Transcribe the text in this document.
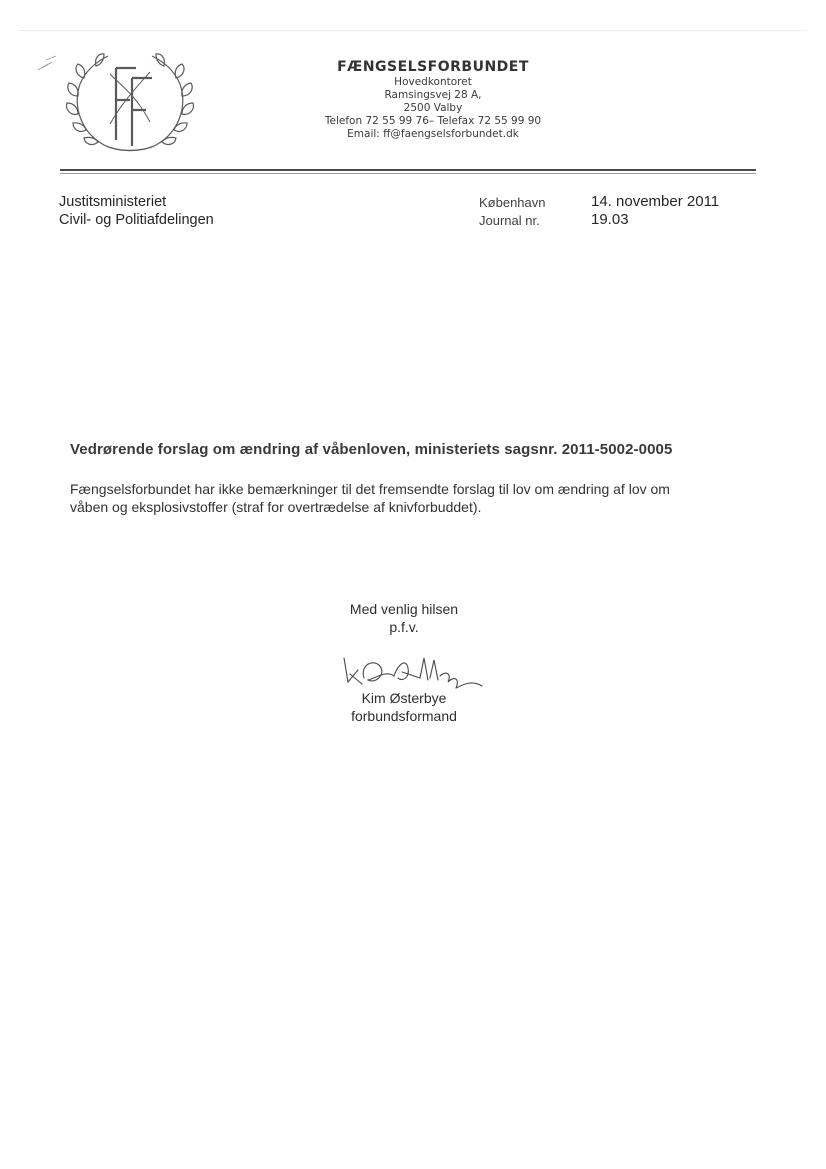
FÆNGSELSFORBUNDET
Hovedkontoret
Ramsingsvej 28 A,
2500 Valby
Telefon 72 55 99 76– Telefax 72 55 99 90
Email: ff@faengselsforbundet.dk
Justitsministeriet
Civil- og Politiafdelingen
København
Journal nr.
14. november 2011
19.03
Vedrørende forslag om ændring af våbenloven, ministeriets sagsnr. 2011-5002-0005
Fængselsforbundet har ikke bemærkninger til det fremsendte forslag til lov om ændring af lov om
våben og eksplosivstoffer (straf for overtrædelse af knivforbuddet).
Med venlig hilsen
p.f.v.
Kim Østerbye
forbundsformand
